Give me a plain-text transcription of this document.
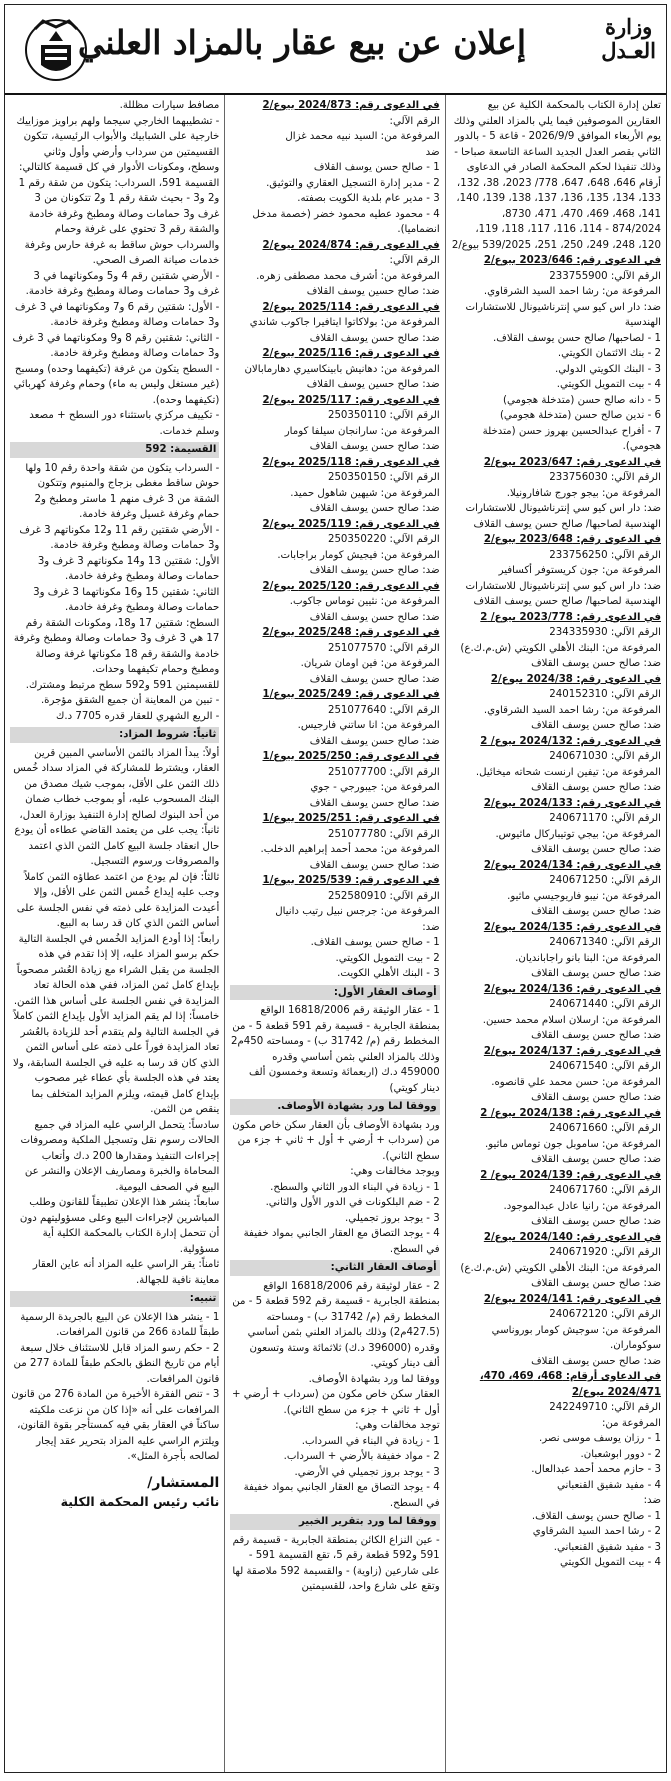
وزارة
العـدل
إعلان عن بيع عقار بالمزاد العلني
تعلن إدارة الكتاب بالمحكمة الكلية عن بيع العقارين الموصوفين فيما يلي بالمزاد العلني وذلك يوم الأربعاء الموافق 2026/9/9 - قاعة 5 - بالدور الثاني بقصر العدل الجديد الساعة التاسعة صباحا - وذلك تنفيذا لحكم المحكمة الصادر في الدعاوى أرقام 646، 648، 647، 778/ 2023، 38، 132، 133، 134، 135، 136، 137، 138، 139، 140، 141، 468، 469، 470، 471، 8730، 874/2024 - 114، 116، 117، 118، 119، 120، 248، 249، 250، 251، 539/2025 بيوع/2
في الدعوى رقم: 2023/646 بيوع/2
الرقم الآلي: 233755900
المرفوعة من: رشا احمد السيد الشرقاوي.
ضد: دار اس كيو سي إنترناشيونال للاستشارات الهندسية
1 - لصاحبها/ صالح حسن يوسف القلاف.
2 - بنك الائتمان الكويتي.
3 - البنك الكويتي الدولي.
4 - بيت التمويل الكويتي.
5 - دانه صالح حسن (متدخلة هجومي)
6 - ندين صالح حسن (متدخلة هجومي)
7 - أفراح عبدالحسين بهروز حسن (متدخلة هجومي).
في الدعوى رقم: 2023/647 بيوع/2
الرقم الآلي: 233756030
المرفوعة من: بيجو جورج شافارونيلا.
ضد: دار اس كيو سي إنترناشيونال للاستشارات الهندسية لصاحبها/ صالح حسن يوسف القلاف
في الدعوى رقم: 2023/648 بيوع/2
الرقم الآلي: 233756250
المرفوعة من: جون كريستوفر أكسافير
ضد: دار اس كيو سي إنترناشيونال للاستشارات الهندسية لصاحبها/ صالح حسن يوسف القلاف
في الدعوى رقم: 2023/778 بيوع/ 2
الرقم الآلي: 234335930
المرفوعة من: البنك الأهلي الكويتي (ش.م.ك.ع)
ضد: صالح حسن يوسف القلاف
في الدعوى رقم: 2024/38 بيوع/2
الرقم الآلي: 240152310
المرفوعة من: رشا احمد السيد الشرقاوي.
ضد: صالح حسن يوسف القلاف
في الدعوى رقم: 2024/132 بيوع/ 2
الرقم الآلي: 240671030
المرفوعة من: تيفين ارنست شحاته ميخائيل.
ضد: صالح حسن يوسف القلاف
في الدعوى رقم: 2024/133 بيوع/2
الرقم الآلي: 240671170
المرفوعة من: بيجي توتيباركال ماثيوس.
ضد: صالح حسن يوسف القلاف
في الدعوى رقم: 2024/134 بيوع/2
الرقم الآلي: 240671250
المرفوعة من: نيبو فاريوجيسي ماثيو.
ضد: صالح حسن يوسف القلاف
في الدعوى رقم: 2024/135 بيوع/2
الرقم الآلي: 240671340
المرفوعة من: البنا بانو راجاباندیان.
ضد: صالح حسن يوسف القلاف
في الدعوى رقم: 2024/136 بيوع/2
الرقم الآلي: 240671440
المرفوعة من: ارسلان اسلام محمد حسين.
ضد: صالح حسن يوسف القلاف
في الدعوى رقم: 2024/137 بيوع/2
الرقم الآلي: 240671540
المرفوعة من: حسن محمد علي قانصوه.
ضد: صالح حسن يوسف القلاف
في الدعوى رقم: 2024/138 بيوع/ 2
الرقم الآلي: 240671660
المرفوعة من: ساموبل جون توماس ماثيو.
ضد: صالح حسن يوسف القلاف
في الدعوى رقم: 2024/139 بيوع/ 2
الرقم الآلي: 240671760
المرفوعة من: رانيا عادل عبدالموجود.
ضد: صالح حسن يوسف القلاف
في الدعوى رقم: 2024/140 بيوع/2
الرقم الآلي: 240671920
المرفوعة من: البنك الأهلي الكويتي (ش.م.ك.ع)
ضد: صالح حسن يوسف القلاف
في الدعوى رقم: 2024/141 بيوع/2
الرقم الآلي: 240672120
المرفوعة من: سوجيش كومار بوروناسي سوكوماران.
ضد: صالح حسن يوسف القلاف
في الدعاوى أرقام: 468، 469، 470، 2024/471 بيوع/2
الرقم الآلي: 242249710
المرفوعة من:
1 - رزان يوسف موسى نصر.
2 - دوور ابوشعبان.
3 - حازم محمد أحمد عبدالعال.
4 - مفيد شفيق القنعباني
ضد:
1 - صالح حسن يوسف القلاف.
2 - رشا احمد السيد الشرقاوي
3 - مفيد شفيق القنعباني.
4 - بيت التمويل الكويتي
في الدعوى رقم: 2024/873 بيوع/2
الرقم الآلي:
المرفوعة من: السيد نبيه محمد غزال
ضد
1 - صالح حسن يوسف القلاف
2 - مدير إدارة التسجيل العقاري والتوثيق.
3 - مدير عام بلدية الكويت بصفته.
4 - محمود عطيه محمود خضر (خصمة مدخل انضماميا).
في الدعوى رقم: 2024/874 بيوع/2
الرقم الآلي:
المرفوعة من: أشرف محمد مصطفى زهره.
ضد: صالح حسين يوسف القلاف
في الدعوى رقم: 2025/114 بيوع/2
المرفوعة من: بولاكاتوا ايتافيرا جاكوب شاندي
ضد: صالح حسن يوسف القلاف
في الدعوى رقم: 2025/116 بيوع/2
المرفوعة من: دهانيش بابينكاسيري دهارمابالان
ضد: صالح حسين يوسف القلاف
في الدعوى رقم: 2025/117 بيوع/2
الرقم الآلي: 250350110
المرفوعة من: سارانجان سيلفا كومار
ضد: صالح حسن يوسف القلاف
في الدعوى رقم: 2025/118 بيوع/2
الرقم الآلي: 250350150
المرفوعة من: شيهين شاهول حميد.
ضد: صالح حسن يوسف القلاف
في الدعوى رقم: 2025/119 بيوع/2
الرقم الآلي: 250350220
المرفوعة من: فيجيش كومار براجابات.
ضد: صالح حسن يوسف القلاف
في الدعوى رقم: 2025/120 بيوع/2
المرفوعة من: نثيين توماس جاكوب.
ضد: صالح حسن يوسف القلاف
في الدعوى رقم: 2025/248 بيوع/2
الرقم الآلي: 251077570
المرفوعة من: فين اومان شريان.
ضد: صالح حسن يوسف القلاف
في الدعوى رقم: 2025/249 بيوع/1
الرقم الآلي: 251077640
المرفوعة من: انا ساتني فارجيس.
ضد: صالح حسن يوسف القلاف
في الدعوى رقم: 2025/250 بيوع/1
الرقم الآلي: 251077700
المرفوعة من: جيبورجي - جوي
ضد: صالح حسن يوسف القلاف
في الدعوى رقم: 2025/251 بيوع/1
الرقم الآلي: 251077780
المرفوعة من: محمد أحمد إبراهيم الدخلب.
ضد: صالح حسن يوسف القلاف
في الدعوى رقم: 2025/539 بيوع/1
الرقم الآلي: 252580910
المرفوعة من: جرجس نبيل رتيب دانيال
ضد:
1 - صالح حسن يوسف القلاف.
2 - بيت التمويل الكويتي.
3 - البنك الأهلي الكويت.
أوصاف العقار الأول:
1 - عقار الوثيقة رقم 16818/2006 الواقع بمنطقة الجابرية - قسيمة رقم 591 قطعة 5 - من المخطط رقم (م/ 31742 ب) - ومساحته 450م2 وذلك بالمزاد العلني بثمن أساسي وقدره 459000 د.ك (اربعمائة وتسعة وخمسون ألف دينار كويتي)
ووفقا لما ورد بشهادة الأوصاف.
ورد بشهادة الأوصاف بأن العقار سكن خاص مكون من (سرداب + أرضي + أول + ثاني + جزء من سطح الثاني).
ويوجد مخالفات وهي:
1 - زيادة في البناء الدور الثاني والسطح.
2 - ضم البلكونات في الدور الأول والثاني.
3 - يوجد بروز تجميلي.
4 - يوجد التصاق مع العقار الجانبي بمواد خفيفة في السطح.
أوصاف العقار الثاني:
2 - عقار لوثيقة رقم 16818/2006 الواقع بمنطقة الجابرية - قسيمة رقم 592 قطعة 5 - من المخطط رقم (م/ 31742 ب) - ومساحته (427.5م2) وذلك بالمزاد العلني بثمن أساسي وقدره (396000 د.ك) ثلاثمائة وستة وتسعون ألف دينار كويتي.
ووفقا لما ورد بشهادة الأوصاف.
العقار سكن خاص مكون من (سرداب + أرضي + أول + ثاني + جزء من سطح الثاني).
توجد مخالفات وهي:
1 - زيادة في البناء في السرداب.
2 - مواد خفيفة بالأرضي + السرداب.
3 - يوجد بروز تجميلي في الأرضي.
4 - يوجد التصاق مع العقار الجانبي بمواد خفيفة في السطح.
ووفقا لما ورد بتقرير الخبير
- عين النزاع الكائن بمنطقة الجابرية - قسيمة رقم 591 و592 قطعة رقم 5، تقع القسيمة 591 - على شارعين (زاوية) - والقسيمة 592 ملاصقة لها وتقع على شارع واحد، للقسيمتين
مصافط سيارات مظللة.
- تشطيبهما الخارجي سيجما ولهم براويز موزاييك خارجية على الشبابيك والأبواب الرئيسية، تتكون القسيمتين من سرداب وأرضي وأول وثاني وسطح، ومكونات الأدوار في كل قسيمة كالتالي:
القسيمة 591، السرداب: يتكون من شقة رقم 1 و2 و3 - بحيث شقة رقم 1 و2 تتكونان من 3 غرف و3 حمامات وصالة ومطبخ وغرفة خادمة والشقة رقم 3 تحتوي على غرفة وحمام والسرداب حوش ساقط به غرفة حارس وغرفة خدمات صيانة الصرف الصحي.
- الأرضي شقتين رقم 4 و5 ومكوناتهما في 3 غرف و3 حمامات وصالة ومطبخ وغرفة خادمة.
- الأول: شقتين رقم 6 و7 ومكوناتهما في 3 غرف و3 حمامات وصالة ومطبخ وغرفة خادمة.
- الثاني: شقتين رقم 8 و9 ومكوناتهما في 3 غرف و3 حمامات وصالة ومطبخ وغرفة خادمة.
- السطح يتكون من غرفة (تكيفهما وحده) ومسبح (غير مستغل وليس به ماء) وحمام وغرفة كهربائي (تكيفهما وحده).
- تكييف مركزي باستثناء دور السطح + مصعد وسلم خدمات.
القسيمة: 592
- السرداب يتكون من شقة واحدة رقم 10 ولها حوش ساقط مغطى بزجاج والمنيوم وتتكون الشقة من 3 غرف منهم 1 ماستر ومطبخ و2 حمام وغرفة غسيل وغرفة خادمة.
- الأرضي شقتين رقم 11 و12 مكوناتهم 3 غرف و3 حمامات وصالة ومطبخ وغرفة خادمة.
الأول: شقتين 13 و14 مكوناتهم 3 غرف و3 حمامات وصالة ومطبخ وغرفة خادمة.
الثاني: شقتين 15 و16 مكوناتهما 3 غرف و3 حمامات وصالة ومطبخ وغرفة خادمة.
السطح: شقتين 17 و18، ومكونات الشقة رقم 17 هي 3 غرف و3 حمامات وصالة ومطبخ وغرفة خادمة والشقة رقم 18 مكوناتها غرفة وصالة ومطبخ وحمام تكيفهما وحدات.
للقسيمتين 591 و592 سطح مرتبط ومشترك.
- تبين من المعاينة أن جميع الشقق مؤجرة.
- الريع الشهري للعقار قدره 7705 د.ك
ثانياً: شروط المزاد:
أولاً: يبدأ المزاد بالثمن الأساسي المبين قرين العقار، ويشترط للمشاركة في المزاد سداد خُمس ذلك الثمن على الأقل، بموجب شيك مصدق من البنك المسحوب عليه، أو بموجب خطاب ضمان من أحد البنوك لصالح إدارة التنفيذ بوزارة العدل، ثانياً: يجب على من يعتمد القاضي عطاءه أن يودع حال انعقاد جلسة البيع كامل الثمن الذي اعتمد والمصروفات ورسوم التسجيل.
ثالثاً: فإن لم يودع من اعتمد عطاؤه الثمن كاملاً وجب عليه إيداع خُمس الثمن على الأقل، وإلا أعيدت المزايدة على ذمته في نفس الجلسة على أساس الثمن الذي كان قد رسا به البيع.
رابعاً: إذا أودع المزايد الخُمس في الجلسة التالية حكم برسو المزاد عليه، إلا إذا تقدم في هذه الجلسة من يقبل الشراء مع زيادة العُشر مصحوباً بإيداع كامل ثمن المزاد، ففي هذه الحالة تعاد المزايدة في نفس الجلسة على أساس هذا الثمن.
خامساً: إذا لم يقم المزايد الأول بإيداع الثمن كاملاً في الجلسة التالية ولم يتقدم أحد للزيادة بالعُشر تعاد المزايدة فوراً على ذمته على أساس الثمن الذي كان قد رسا به عليه في الجلسة السابقة، ولا يعتد في هذه الجلسة بأي عطاء غير مصحوب بإيداع كامل قيمته، ويلزم المزايد المتخلف بما ينقص من الثمن.
سادساً: يتحمل الراسي عليه المزاد في جميع الحالات رسوم نقل وتسجيل الملكية ومصروفات إجراءات التنفيذ ومقدارها 200 د.ك وأتعاب المحاماة والخبرة ومصاريف الإعلان والنشر عن البيع في الصحف اليومية.
سابعاً: ينشر هذا الإعلان تطبيقاً للقانون وطلب المباشرين لإجراءات البيع وعلى مسؤوليتهم دون أن تتحمل إدارة الكتاب بالمحكمة الكلية أية مسؤولية.
ثامناً: يقر الراسي عليه المزاد أنه عاين العقار معاينة نافية للجهالة.
تنبيه:
1 - ينشر هذا الإعلان عن البيع بالجريدة الرسمية طبقاً للمادة 266 من قانون المرافعات.
2 - حكم رسو المزاد قابل للاستئناف خلال سبعة أيام من تاريخ النطق بالحكم طبقاً للمادة 277 من قانون المرافعات.
3 - تنص الفقرة الأخيرة من المادة 276 من قانون المرافعات على أنه «إذا كان من نزعت ملكيته ساكناً في العقار بقي فيه كمستأجر بقوة القانون، ويلتزم الراسي عليه المزاد بتحرير عقد إيجار لصالحه بأجرة المثل».
المستشار/
نائب رئيس المحكمة الكلية
